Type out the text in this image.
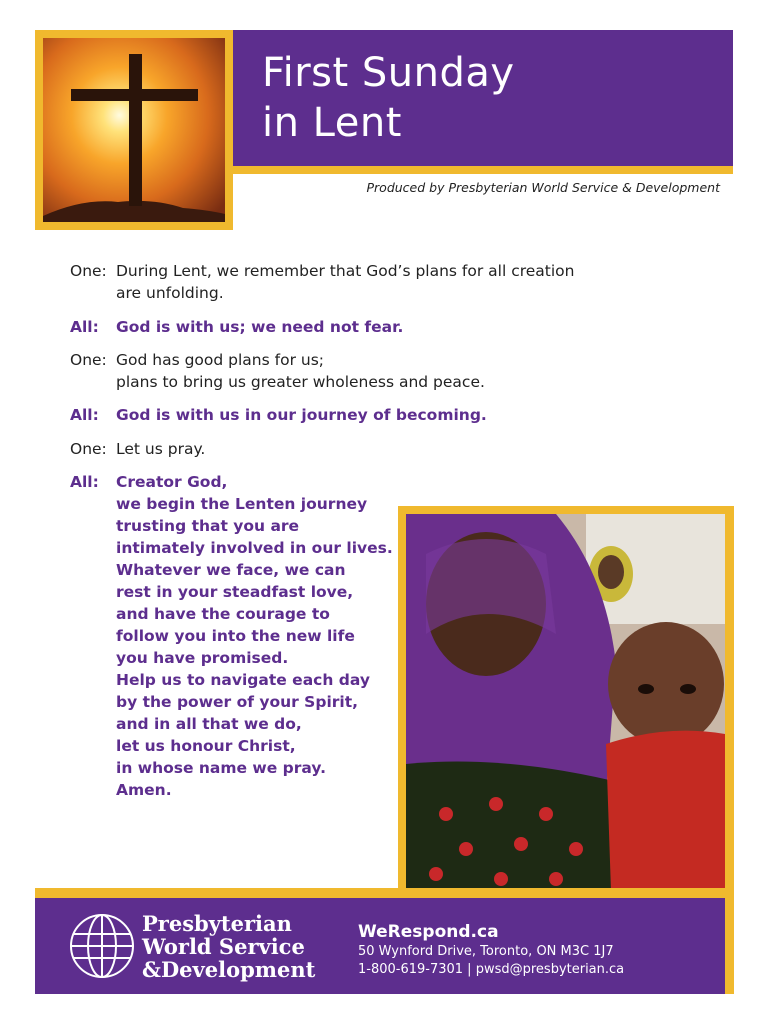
First Sunday
in Lent
Produced by Presbyterian World Service & Development
One: During Lent, we remember that God’s plans for all creation
are unfolding.
All: God is with us; we need not fear.
One: God has good plans for us;
plans to bring us greater wholeness and peace.
All: God is with us in our journey of becoming.
One: Let us pray.
All: Creator God,
we begin the Lenten journey
trusting that you are
intimately involved in our lives.
Whatever we face, we can
rest in your steadfast love,
and have the courage to
follow you into the new life
you have promised.
Help us to navigate each day
by the power of your Spirit,
and in all that we do,
let us honour Christ,
in whose name we pray.
Amen.
Presbyterian
World Service
&Development
WeRespond.ca
50 Wynford Drive, Toronto, ON M3C 1J7
1-800-619-7301 | pwsd@presbyterian.ca
